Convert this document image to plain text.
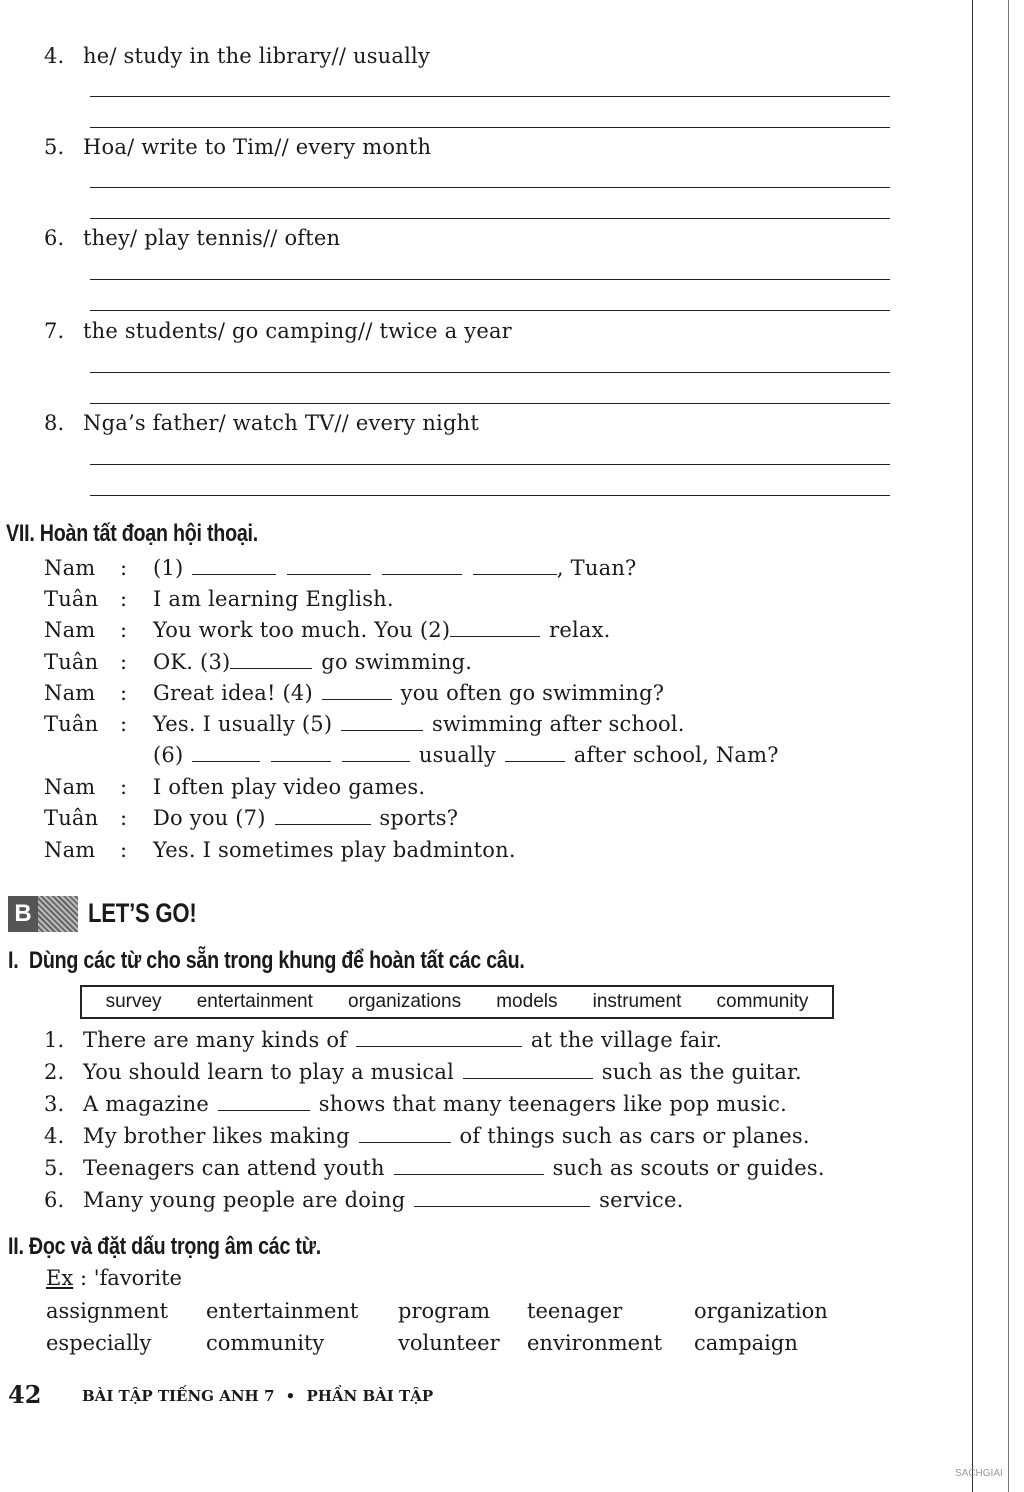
4. he/ study in the library// usually
5. Hoa/ write to Tim// every month
6. they/ play tennis// often
7. the students/ go camping// twice a year
8. Nga’s father/ watch TV// every night
VII. Hoàn tất đoạn hội thoại.
Nam : (1)	, Tuan?
Tuân : I am learning English.
Nam : You work too much. You (2)	relax.
Tuân : OK. (3)	go swimming.
Nam : Great idea! (4)	you often go swimming?
Tuân : Yes. I usually (5)	swimming after school.
(6)	usually	after school, Nam?
Nam : I often play video games.
Tuân : Do you (7)	sports?
Nam : Yes. I sometimes play badminton.
B LET’S GO!
I.  Dùng các từ cho sẵn trong khung để hoàn tất các câu.
survey entertainment organizations models instrument community
1. There are many kinds of	at the village fair.
2. You should learn to play a musical	such as the guitar.
3. A magazine	shows that many teenagers like pop music.
4. My brother likes making	of things such as cars or planes.
5. Teenagers can attend youth	such as scouts or guides.
6. Many young people are doing	service.
II. Đọc và đặt dấu trọng âm các từ.
Ex : 'favorite
assignment entertainment program teenager	organization
especially	community	volunteer environment campaign
42	BÀI TẬP TIẾNG ANH 7 • PHẦN BÀI TẬP
SACHGIAI
